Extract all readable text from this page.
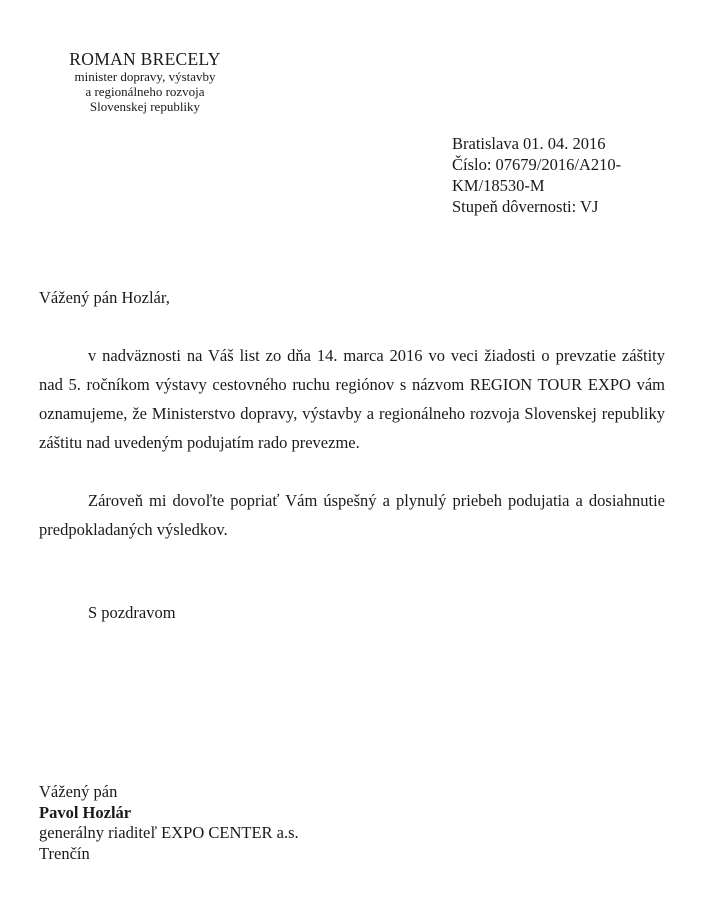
ROMAN BRECELY
minister dopravy, výstavby
a regionálneho rozvoja
Slovenskej republiky
Bratislava 01. 04. 2016
Číslo: 07679/2016/A210-
KM/18530-M
Stupeň dôvernosti: VJ
Vážený pán Hozlár,
v nadväznosti na Váš list zo dňa 14. marca 2016 vo veci žiadosti o prevzatie záštity nad 5. ročníkom výstavy cestovného ruchu regiónov s názvom REGION TOUR EXPO vám oznamujeme, že Ministerstvo dopravy, výstavby a regionálneho rozvoja Slovenskej republiky záštitu nad uvedeným podujatím rado prevezme.
Zároveň mi dovoľte popriať Vám úspešný a plynulý priebeh podujatia a dosiahnutie predpokladaných výsledkov.
S pozdravom
Vážený pán
Pavol Hozlár
generálny riaditeľ EXPO CENTER a.s.
Trenčín
